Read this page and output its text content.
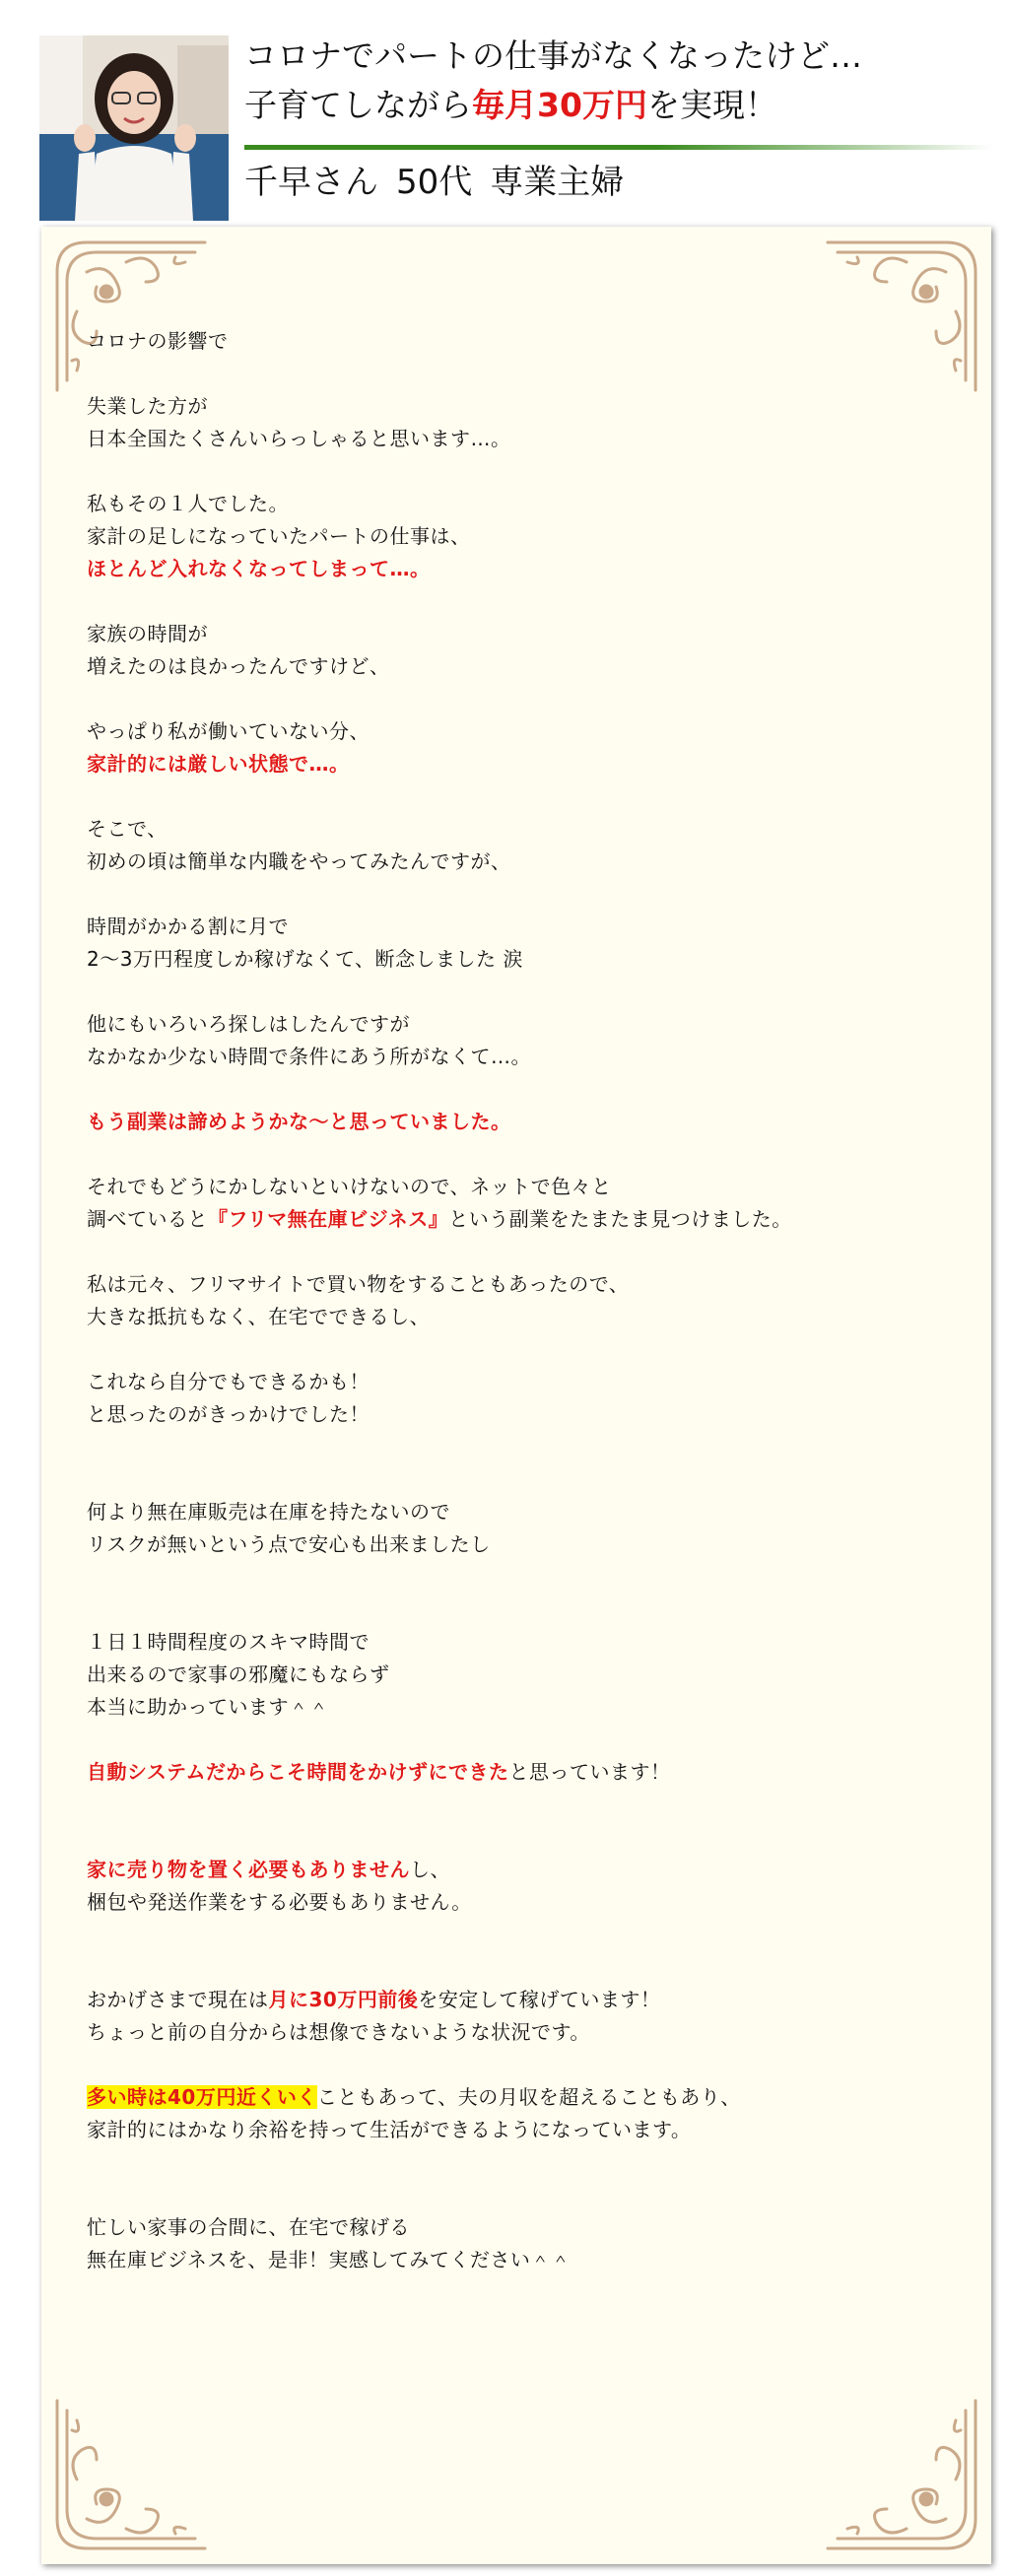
コロナでパートの仕事がなくなったけど…
子育てしながら毎月30万円を実現！

千早さん 50代 専業主婦

コロナの影響で

失業した方が
日本全国たくさんいらっしゃると思います…。

私もその１人でした。
家計の足しになっていたパートの仕事は、
ほとんど入れなくなってしまって…。

家族の時間が
増えたのは良かったんですけど、

やっぱり私が働いていない分、
家計的には厳しい状態で…。

そこで、
初めの頃は簡単な内職をやってみたんですが、

時間がかかる割に月で
2〜3万円程度しか稼げなくて、断念しました 涙

他にもいろいろ探しはしたんですが
なかなか少ない時間で条件にあう所がなくて…。

もう副業は諦めようかな〜と思っていました。

それでもどうにかしないといけないので、ネットで色々と
調べていると『フリマ無在庫ビジネス』という副業をたまたま見つけました。

私は元々、フリマサイトで買い物をすることもあったので、
大きな抵抗もなく、在宅でできるし、

これなら自分でもできるかも！
と思ったのがきっかけでした！

何より無在庫販売は在庫を持たないので
リスクが無いという点で安心も出来ましたし

１日１時間程度のスキマ時間で
出来るので家事の邪魔にもならず
本当に助かっています＾＾

自動システムだからこそ時間をかけずにできたと思っています！

家に売り物を置く必要もありませんし、
梱包や発送作業をする必要もありません。

おかげさまで現在は月に30万円前後を安定して稼げています！
ちょっと前の自分からは想像できないような状況です。

多い時は40万円近くいくこともあって、夫の月収を超えることもあり、
家計的にはかなり余裕を持って生活ができるようになっています。

忙しい家事の合間に、在宅で稼げる
無在庫ビジネスを、是非！実感してみてください＾＾
